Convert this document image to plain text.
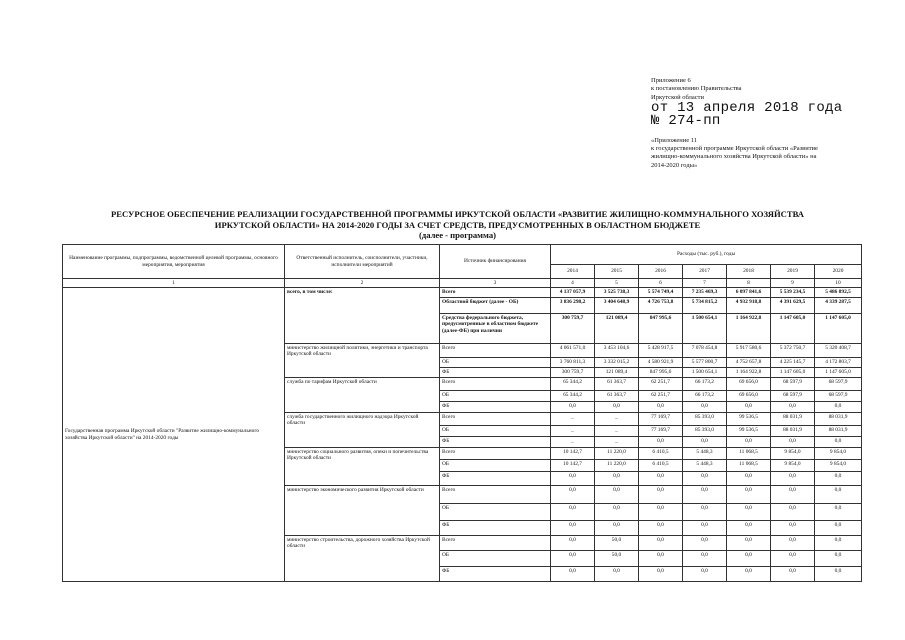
Приложение 6
к постановлению Правительства
Иркутской области
от 13 апреля 2018 года
№ 274-пп
«Приложение 11
к государственной программе Иркутской области «Развитие
жилищно-коммунального хозяйства Иркутской области» на
2014-2020 годы»
РЕСУРСНОЕ ОБЕСПЕЧЕНИЕ РЕАЛИЗАЦИИ ГОСУДАРСТВЕННОЙ ПРОГРАММЫ ИРКУТСКОЙ ОБЛАСТИ «РАЗВИТИЕ ЖИЛИЩНО-КОММУНАЛЬНОГО ХОЗЯЙСТВА
ИРКУТСКОЙ ОБЛАСТИ» НА 2014-2020 ГОДЫ ЗА СЧЕТ СРЕДСТВ, ПРЕДУСМОТРЕННЫХ В ОБЛАСТНОМ БЮДЖЕТЕ
(далее - программа)
Наименование программы, подпрограммы, ведомственной целевой программы, основного мероприятия, мероприятия	Ответственный исполнитель, соисполнители, участники, исполнители мероприятий	Источник финансирования	Расходы (тыс. руб.), годы						
			2014	2015	2016	2017	2018	2019	2020
1	2	3	4	5	6	7	8	9	10
Государственная программа Иркутской области "Развитие жилищно-коммунального хозяйства Иркутской области" на 2014-2020 годы	всего, в том числе:	Всего	4 137 057,9	3 525 738,3	5 574 749,4	7 235 469,3	6 097 841,6	5 539 234,5	5 486 892,5
		Областной бюджет (далее - ОБ)	3 836 298,2	3 404 648,9	4 726 753,8	5 734 815,2	4 932 918,8	4 391 629,5	4 339 287,5
		Средства федерального бюджета, предусмотренные в областном бюджете (далее-ФБ) при наличии	300 759,7	121 089,4	847 995,6	1 500 654,1	1 164 922,8	1 147 605,0	1 147 605,0
	министерство жилищной политики, энергетики и транспорта Иркутской области	Всего	4 061 571,0	3 453 104,6	5 428 917,5	7 078 454,8	5 917 580,6	5 372 750,7	5 320 408,7
		ОБ	3 760 811,3	3 332 015,2	4 580 921,9	5 577 800,7	4 752 657,8	4 225 145,7	4 172 803,7
		ФБ	300 759,7	121 089,4	847 995,6	1 500 654,1	1 164 922,8	1 147 605,0	1 147 605,0
	служба по тарифам Иркутской области	Всего	65 344,2	61 363,7	62 251,7	66 173,2	69 656,0	68 597,9	68 597,9
		ОБ	65 344,2	61 363,7	62 251,7	66 173,2	69 656,0	68 597,9	68 597,9
		ФБ	0,0	0,0	0,0	0,0	0,0	0,0	0,0
	служба государственного жилищного надзора Иркутской области	Всего	_	_	77 169,7	85 393,0	99 536,5	88 031,9	88 031,9
		ОБ	_	_	77 169,7	85 393,0	99 536,5	88 031,9	88 031,9
		ФБ	_	_	0,0	0,0	0,0	0,0	0,0
	министерство социального развития, опеки и попечительства Иркутской области	Всего	10 142,7	11 220,0	6 410,5	5 448,3	11 068,5	9 854,0	9 854,0
		ОБ	10 142,7	11 220,0	6 410,5	5 448,3	11 068,5	9 854,0	9 854,0
		ФБ	0,0	0,0	0,0	0,0	0,0	0,0	0,0
	министерство экономического развития Иркутской области	Всего	0,0	0,0	0,0	0,0	0,0	0,0	0,0
		ОБ	0,0	0,0	0,0	0,0	0,0	0,0	0,0
		ФБ	0,0	0,0	0,0	0,0	0,0	0,0	0,0
	министерство строительства, дорожного хозяйства Иркутской области	Всего	0,0	50,0	0,0	0,0	0,0	0,0	0,0
		ОБ	0,0	50,0	0,0	0,0	0,0	0,0	0,0
		ФБ	0,0	0,0	0,0	0,0	0,0	0,0	0,0
